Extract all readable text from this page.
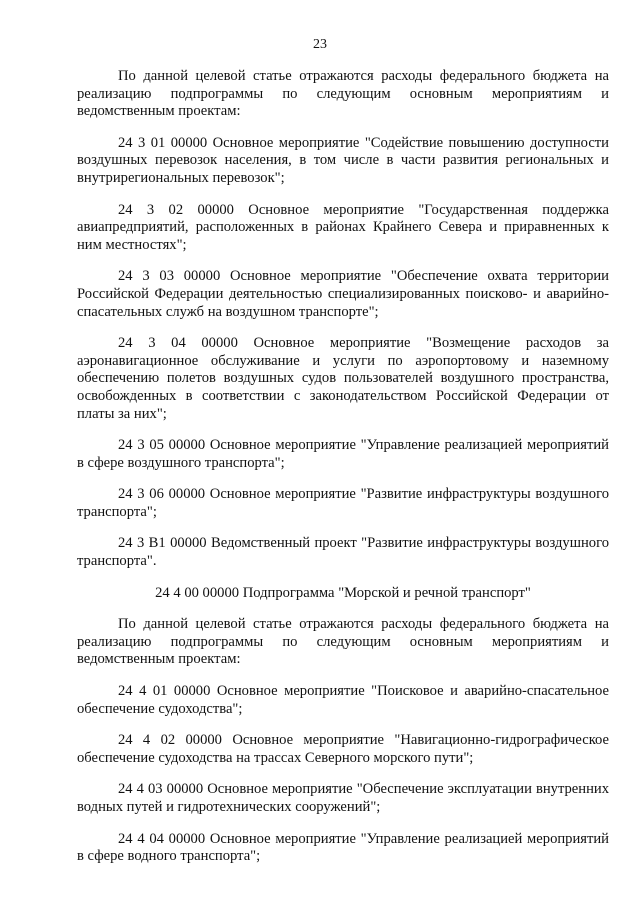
23

По данной целевой статье отражаются расходы федерального бюджета на реализацию подпрограммы по следующим основным мероприятиям и ведомственным проектам:

24 3 01 00000 Основное мероприятие "Содействие повышению доступности воздушных перевозок населения, в том числе в части развития региональных и внутрирегиональных перевозок";

24 3 02 00000 Основное мероприятие "Государственная поддержка авиапредприятий, расположенных в районах Крайнего Севера и приравненных к ним местностях";

24 3 03 00000 Основное мероприятие "Обеспечение охвата территории Российской Федерации деятельностью специализированных поисково- и аварийно-спасательных служб на воздушном транспорте";

24 3 04 00000 Основное мероприятие "Возмещение расходов за аэронавигационное обслуживание и услуги по аэропортовому и наземному обеспечению полетов воздушных судов пользователей воздушного пространства, освобожденных в соответствии с законодательством Российской Федерации от платы за них";

24 3 05 00000 Основное мероприятие "Управление реализацией мероприятий в сфере воздушного транспорта";

24 3 06 00000 Основное мероприятие "Развитие инфраструктуры воздушного транспорта";

24 3 В1 00000 Ведомственный проект "Развитие инфраструктуры воздушного транспорта".

24 4 00 00000 Подпрограмма "Морской и речной транспорт"

По данной целевой статье отражаются расходы федерального бюджета на реализацию подпрограммы по следующим основным мероприятиям и ведомственным проектам:

24 4 01 00000 Основное мероприятие "Поисковое и аварийно-спасательное обеспечение судоходства";

24 4 02 00000 Основное мероприятие "Навигационно-гидрографическое обеспечение судоходства на трассах Северного морского пути";

24 4 03 00000 Основное мероприятие "Обеспечение эксплуатации внутренних водных путей и гидротехнических сооружений";

24 4 04 00000 Основное мероприятие "Управление реализацией мероприятий в сфере водного транспорта";
